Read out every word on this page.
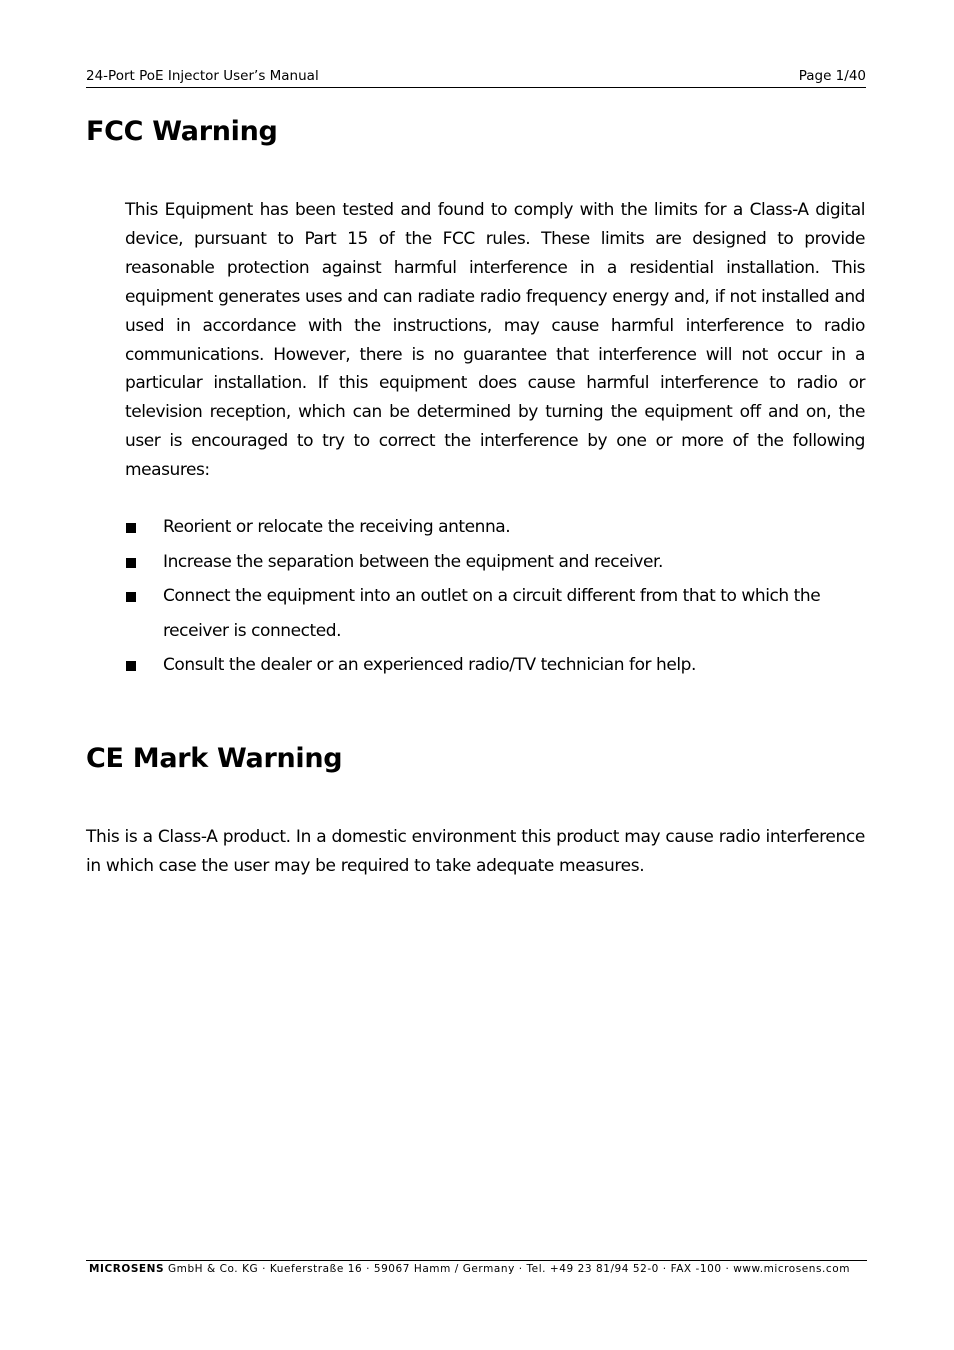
24-Port PoE Injector User’s Manual	Page 1/40
FCC Warning

This Equipment has been tested and found to comply with the limits for a Class-A digital device, pursuant to Part 15 of the FCC rules. These limits are designed to provide reasonable protection against harmful interference in a residential installation. This equipment generates uses and can radiate radio frequency energy and, if not installed and used in accordance with the instructions, may cause harmful interference to radio communications. However, there is no guarantee that interference will not occur in a particular installation. If this equipment does cause harmful interference to radio or television reception, which can be determined by turning the equipment off and on, the user is encouraged to try to correct the interference by one or more of the following measures:

Reorient or relocate the receiving antenna.
Increase the separation between the equipment and receiver.
Connect the equipment into an outlet on a circuit different from that to which the receiver is connected.
Consult the dealer or an experienced radio/TV technician for help.
CE Mark Warning

This is a Class-A product. In a domestic environment this product may cause radio interference in which case the user may be required to take adequate measures.

MICROSENS GmbH & Co. KG · Kueferstraße 16 · 59067 Hamm / Germany · Tel. +49 23 81/94 52-0 · FAX -100 · www.microsens.com
